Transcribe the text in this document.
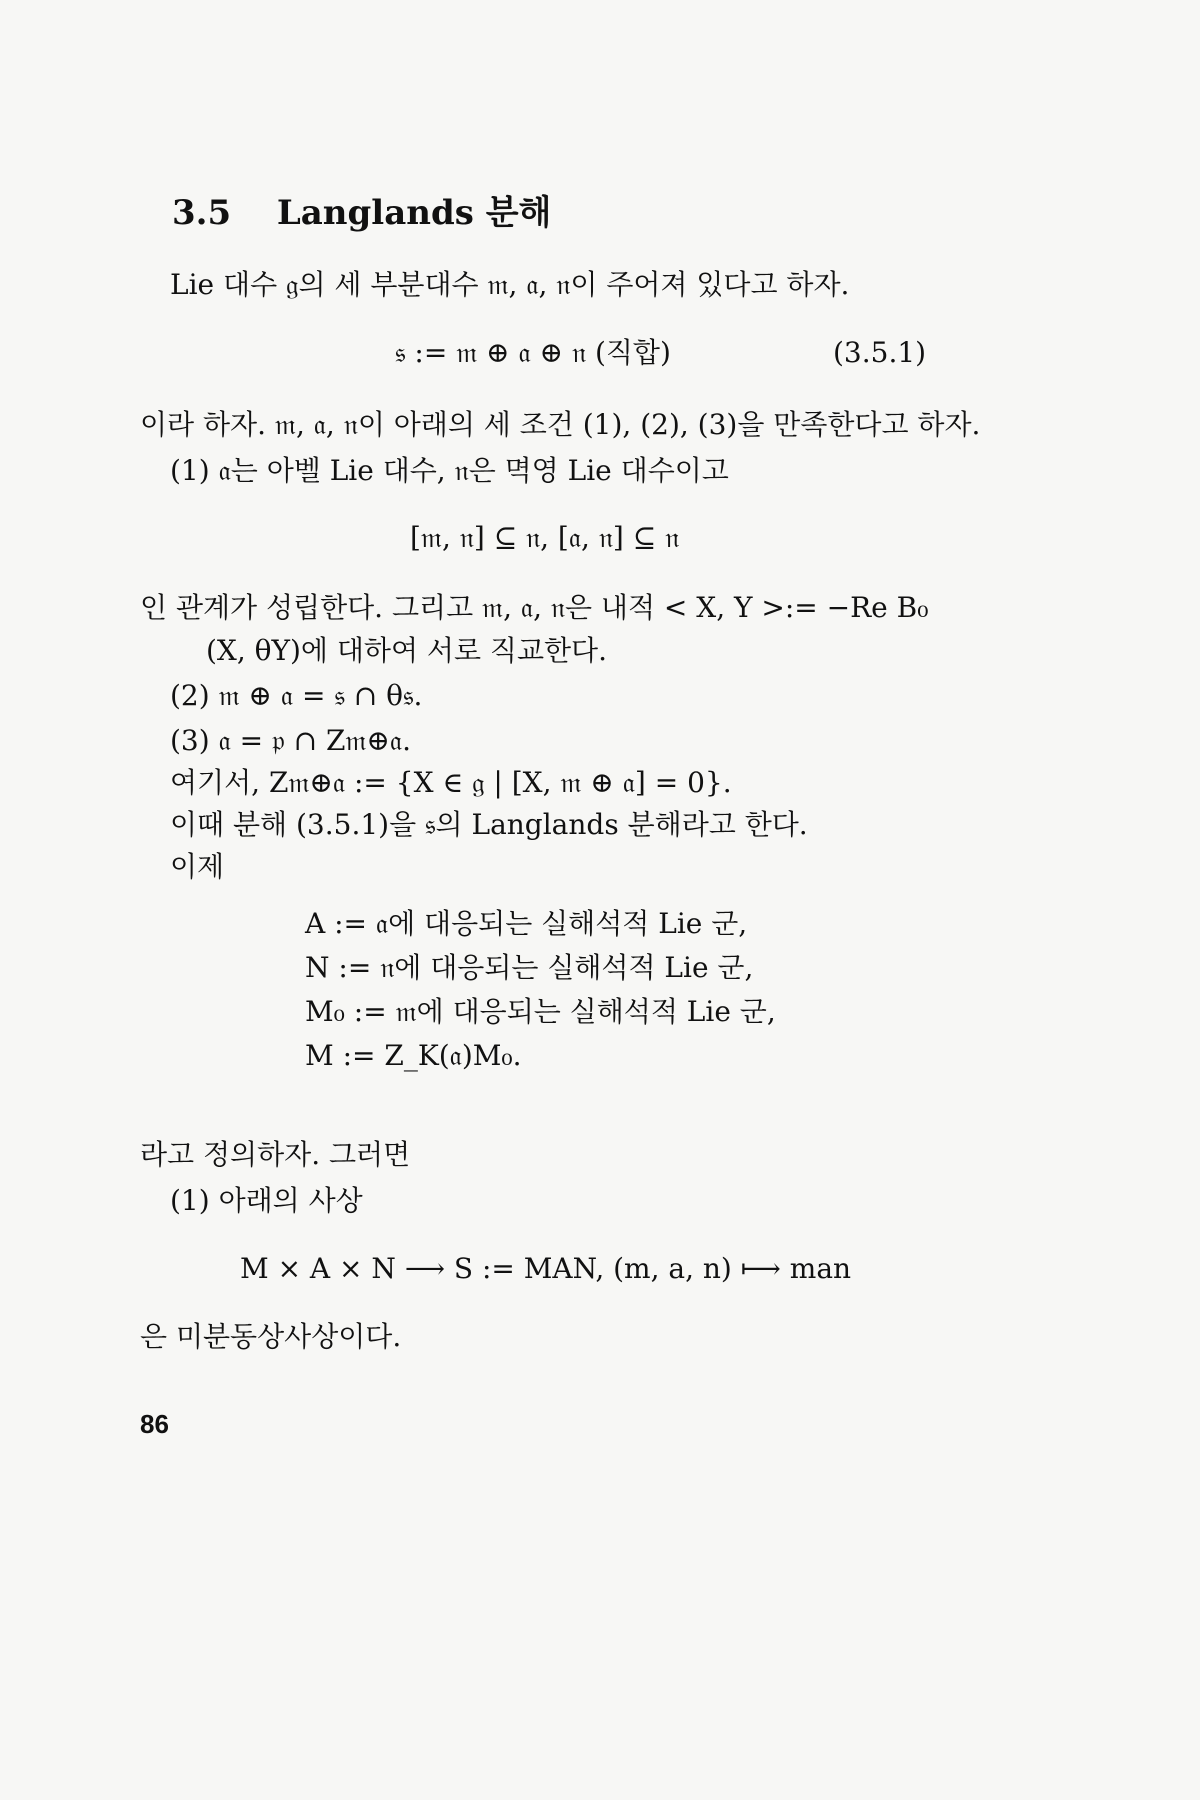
3.5 Langlands 분해
Lie 대수 𝔤의 세 부분대수 𝔪, 𝔞, 𝔫이 주어져 있다고 하자.
𝔰 := 𝔪 ⊕ 𝔞 ⊕ 𝔫 (직합)	(3.5.1)
이라 하자. 𝔪, 𝔞, 𝔫이 아래의 세 조건 (1), (2), (3)을 만족한다고 하자.
(1) 𝔞는 아벨 Lie 대수, 𝔫은 멱영 Lie 대수이고
[𝔪, 𝔫] ⊆ 𝔫, [𝔞, 𝔫] ⊆ 𝔫
인 관계가 성립한다. 그리고 𝔪, 𝔞, 𝔫은 내적 < X, Y >:= −Re B₀
(X, θY)에 대하여 서로 직교한다.
(2) 𝔪 ⊕ 𝔞 = 𝔰 ∩ θ𝔰.
(3) 𝔞 = 𝔭 ∩ Z𝔪⊕𝔞.
여기서, Z𝔪⊕𝔞 := {X ∈ 𝔤 | [X, 𝔪 ⊕ 𝔞] = 0}.
이때 분해 (3.5.1)을 𝔰의 Langlands 분해라고 한다.
이제
A := 𝔞에 대응되는 실해석적 Lie 군,
N := 𝔫에 대응되는 실해석적 Lie 군,
M₀ := 𝔪에 대응되는 실해석적 Lie 군,
M := Z_K(𝔞)M₀.
라고 정의하자. 그러면
(1) 아래의 사상
M × A × N ⟶ S := MAN, (m, a, n) ⟼ man
은 미분동상사상이다.
86
